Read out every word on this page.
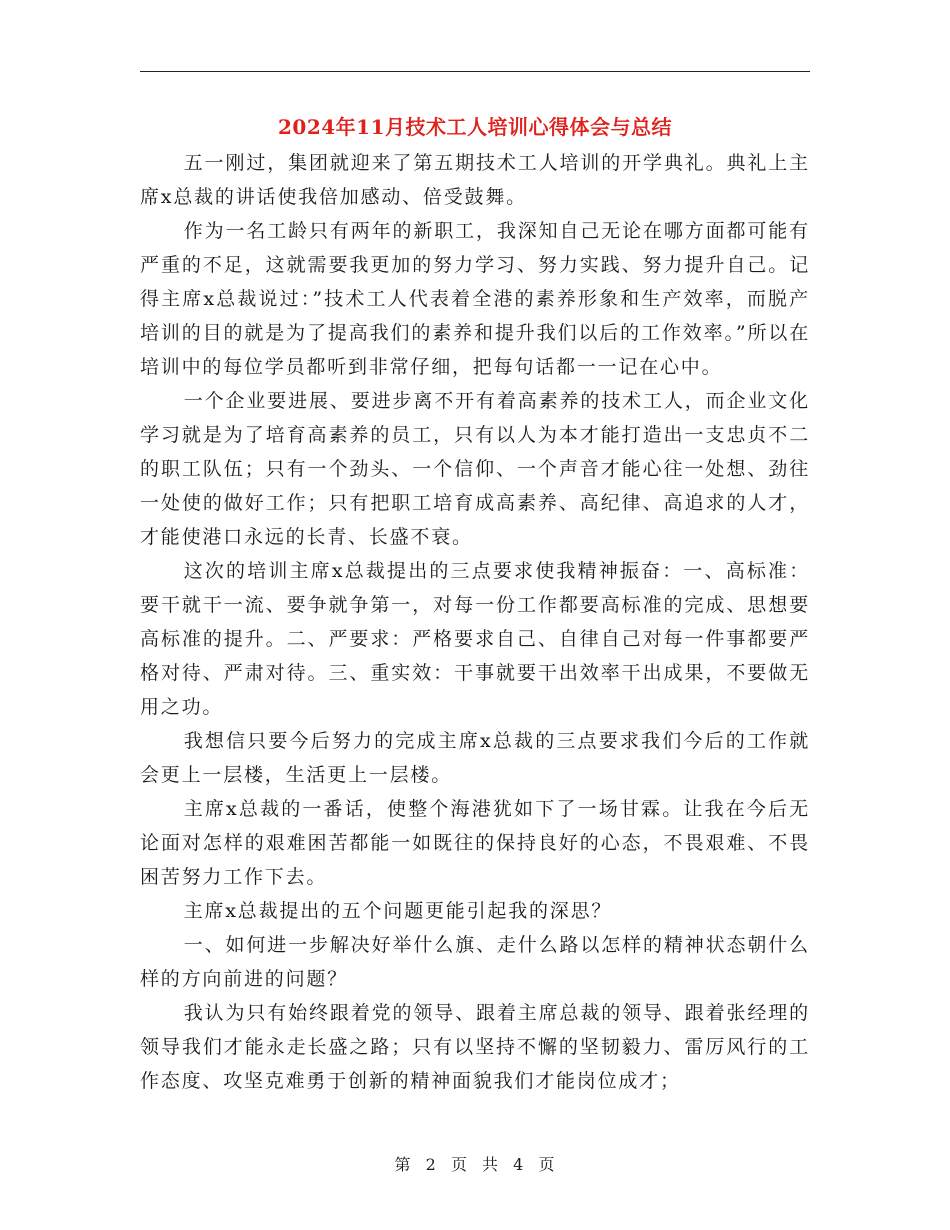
2024年11月技术工人培训心得体会与总结

五一刚过，集团就迎来了第五期技术工人培训的开学典礼。典礼上主席x总裁的讲话使我倍加感动、倍受鼓舞。

作为一名工龄只有两年的新职工，我深知自己无论在哪方面都可能有严重的不足，这就需要我更加的努力学习、努力实践、努力提升自己。记得主席x总裁说过：”技术工人代表着全港的素养形象和生产效率，而脱产培训的目的就是为了提高我们的素养和提升我们以后的工作效率。”所以在培训中的每位学员都听到非常仔细，把每句话都一一记在心中。

一个企业要进展、要进步离不开有着高素养的技术工人，而企业文化学习就是为了培育高素养的员工，只有以人为本才能打造出一支忠贞不二的职工队伍；只有一个劲头、一个信仰、一个声音才能心往一处想、劲往一处使的做好工作；只有把职工培育成高素养、高纪律、高追求的人才，才能使港口永远的长青、长盛不衰。

这次的培训主席x总裁提出的三点要求使我精神振奋：一、高标准：要干就干一流、要争就争第一，对每一份工作都要高标准的完成、思想要高标准的提升。二、严要求：严格要求自己、自律自己对每一件事都要严格对待、严肃对待。三、重实效：干事就要干出效率干出成果，不要做无用之功。

我想信只要今后努力的完成主席x总裁的三点要求我们今后的工作就会更上一层楼，生活更上一层楼。

主席x总裁的一番话，使整个海港犹如下了一场甘霖。让我在今后无论面对怎样的艰难困苦都能一如既往的保持良好的心态，不畏艰难、不畏困苦努力工作下去。

主席x总裁提出的五个问题更能引起我的深思？

一、如何进一步解决好举什么旗、走什么路以怎样的精神状态朝什么样的方向前进的问题？

我认为只有始终跟着党的领导、跟着主席总裁的领导、跟着张经理的领导我们才能永走长盛之路；只有以坚持不懈的坚韧毅力、雷厉风行的工作态度、攻坚克难勇于创新的精神面貌我们才能岗位成才；

第 2 页 共 4 页
